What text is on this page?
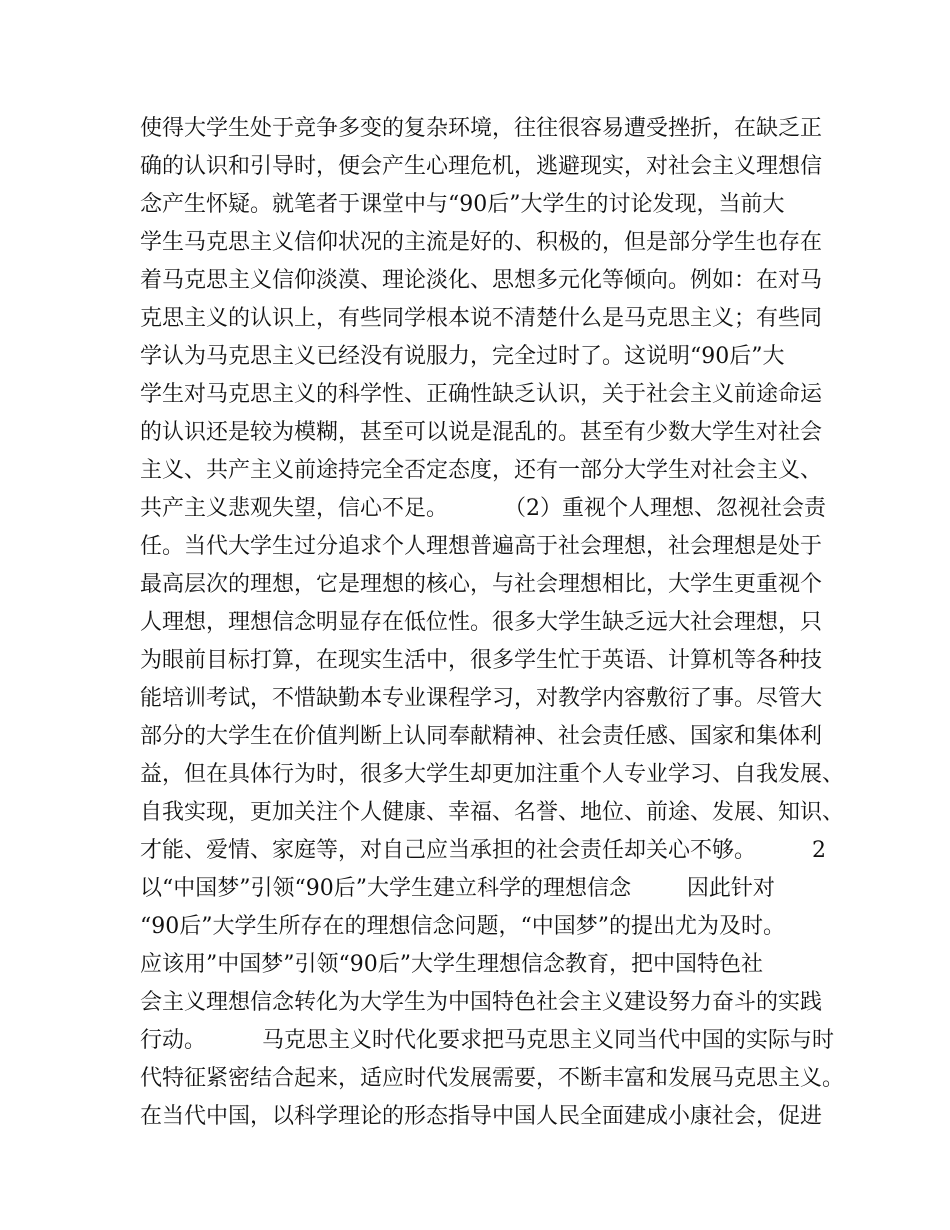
使得大学生处于竞争多变的复杂环境，往往很容易遭受挫折，在缺乏正
确的认识和引导时，便会产生心理危机，逃避现实，对社会主义理想信
念产生怀疑。就笔者于课堂中与“90后”大学生的讨论发现，当前大
学生马克思主义信仰状况的主流是好的、积极的，但是部分学生也存在
着马克思主义信仰淡漠、理论淡化、思想多元化等倾向。例如：在对马
克思主义的认识上，有些同学根本说不清楚什么是马克思主义；有些同
学认为马克思主义已经没有说服力，完全过时了。这说明“90后”大
学生对马克思主义的科学性、正确性缺乏认识，关于社会主义前途命运
的认识还是较为模糊，甚至可以说是混乱的。甚至有少数大学生对社会
主义、共产主义前途持完全否定态度，还有一部分大学生对社会主义、
共产主义悲观失望，信心不足。        （2）重视个人理想、忽视社会责
任。当代大学生过分追求个人理想普遍高于社会理想，社会理想是处于
最高层次的理想，它是理想的核心，与社会理想相比，大学生更重视个
人理想，理想信念明显存在低位性。很多大学生缺乏远大社会理想，只
为眼前目标打算，在现实生活中，很多学生忙于英语、计算机等各种技
能培训考试，不惜缺勤本专业课程学习，对教学内容敷衍了事。尽管大
部分的大学生在价值判断上认同奉献精神、社会责任感、国家和集体利
益，但在具体行为时，很多大学生却更加注重个人专业学习、自我发展、
自我实现，更加关注个人健康、幸福、名誉、地位、前途、发展、知识、
才能、爱情、家庭等，对自己应当承担的社会责任却关心不够。        2
以“中国梦”引领“90后”大学生建立科学的理想信念        因此针对
“90后”大学生所存在的理想信念问题，“中国梦”的提出尤为及时。
应该用”中国梦”引领“90后”大学生理想信念教育，把中国特色社
会主义理想信念转化为大学生为中国特色社会主义建设努力奋斗的实践
行动。        马克思主义时代化要求把马克思主义同当代中国的实际与时
代特征紧密结合起来，适应时代发展需要，不断丰富和发展马克思主义。
在当代中国，以科学理论的形态指导中国人民全面建成小康社会，促进
